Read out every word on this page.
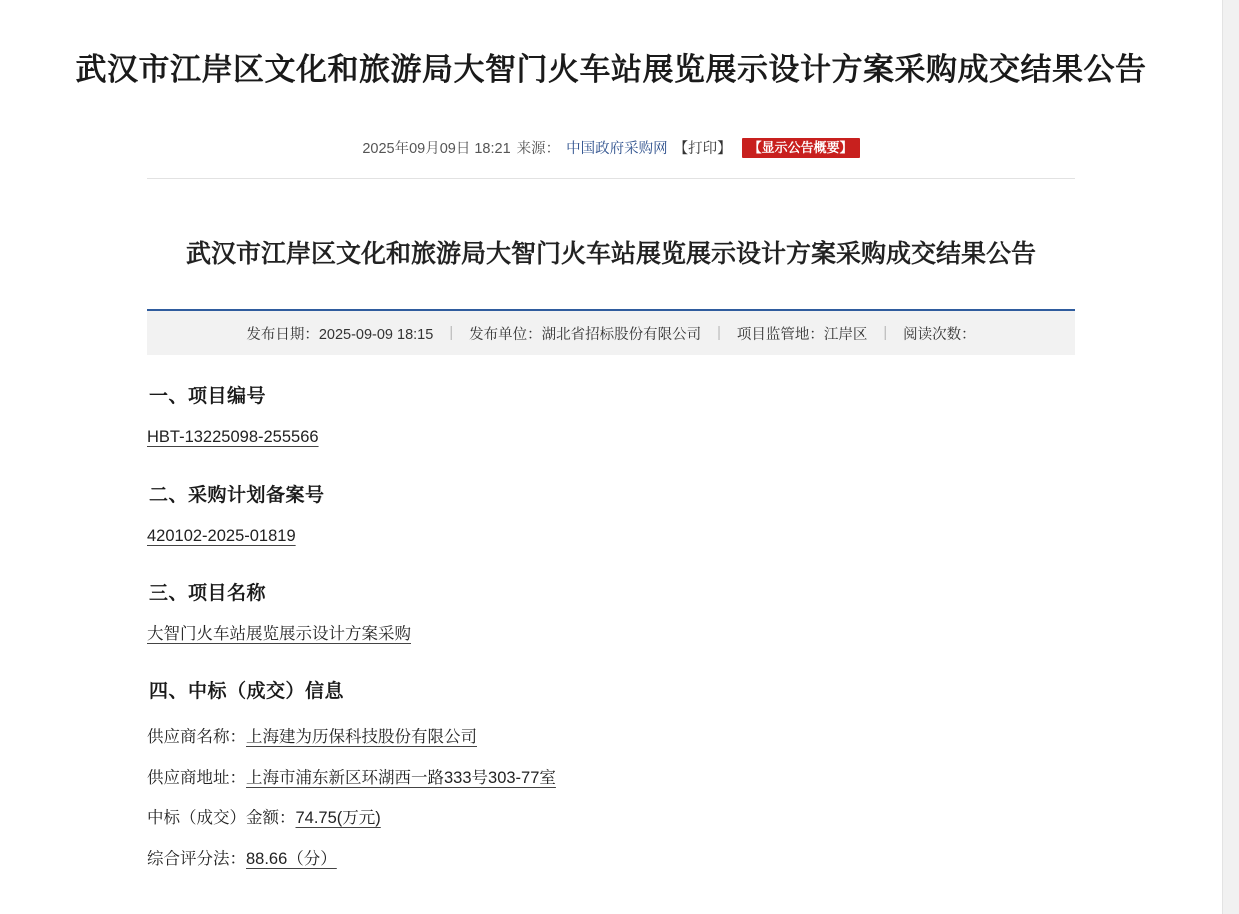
武汉市江岸区文化和旅游局大智门火车站展览展示设计方案采购成交结果公告
2025年09月09日 18:21 来源： 中国政府采购网 【打印】	【显示公告概要】
武汉市江岸区文化和旅游局大智门火车站展览展示设计方案采购成交结果公告
发布日期：2025-09-09 18:15	|	发布单位：湖北省招标股份有限公司	|	项目监管地：江岸区	|	阅读次数：
一、项目编号
HBT-13225098-255566
二、采购计划备案号
420102-2025-01819
三、项目名称
大智门火车站展览展示设计方案采购
四、中标（成交）信息
供应商名称：上海建为历保科技股份有限公司
供应商地址：上海市浦东新区环湖西一路333号303-77室
中标（成交）金额：74.75(万元)
综合评分法：88.66（分）
